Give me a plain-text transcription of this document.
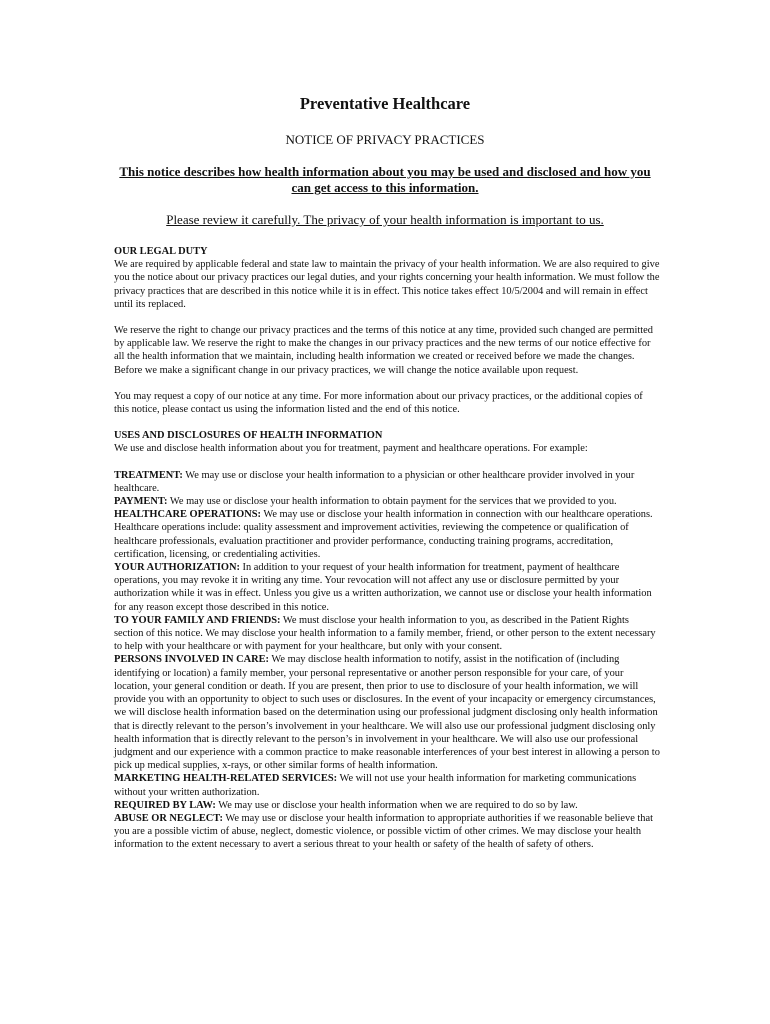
Preventative Healthcare
NOTICE OF PRIVACY PRACTICES
This notice describes how health information about you may be used and disclosed and how you can get access to this information.
Please review it carefully. The privacy of your health information is important to us.

OUR LEGAL DUTY

We are required by applicable federal and state law to maintain the privacy of your health information. We are also required to give you the notice about our privacy practices our legal duties, and your rights concerning your health information. We must follow the privacy practices that are described in this notice while it is in effect. This notice takes effect 10/5/2004 and will remain in effect until its replaced.

We reserve the right to change our privacy practices and the terms of this notice at any time, provided such changed are permitted by applicable law. We reserve the right to make the changes in our privacy practices and the new terms of our notice effective for all the health information that we maintain, including health information we created or received before we made the changes. Before we make a significant change in our privacy practices, we will change the notice available upon request.

You may request a copy of our notice at any time. For more information about our privacy practices, or the additional copies of this notice, please contact us using the information listed and the end of this notice.

USES AND DISCLOSURES OF HEALTH INFORMATION

We use and disclose health information about you for treatment, payment and healthcare operations. For example:

TREATMENT: We may use or disclose your health information to a physician or other healthcare provider involved in your healthcare.

PAYMENT: We may use or disclose your health information to obtain payment for the services that we provided to you.

HEALTHCARE OPERATIONS: We may use or disclose your health information in connection with our healthcare operations. Healthcare operations include: quality assessment and improvement activities, reviewing the competence or qualification of healthcare professionals, evaluation practitioner and provider performance, conducting training programs, accreditation, certification, licensing, or credentialing activities.

YOUR AUTHORIZATION: In addition to your request of your health information for treatment, payment of healthcare operations, you may revoke it in writing any time. Your revocation will not affect any use or disclosure permitted by your authorization while it was in effect. Unless you give us a written authorization, we cannot use or disclose your health information for any reason except those described in this notice.

TO YOUR FAMILY AND FRIENDS: We must disclose your health information to you, as described in the Patient Rights section of this notice. We may disclose your health information to a family member, friend, or other person to the extent necessary to help with your healthcare or with payment for your healthcare, but only with your consent.

PERSONS INVOLVED IN CARE: We may disclose health information to notify, assist in the notification of (including identifying or location) a family member, your personal representative or another person responsible for your care, of your location, your general condition or death. If you are present, then prior to use to disclosure of your health information, we will provide you with an opportunity to object to such uses or disclosures. In the event of your incapacity or emergency circumstances, we will disclose health information based on the determination using our professional judgment disclosing only health information that is directly relevant to the person’s involvement in your healthcare. We will also use our professional judgment disclosing only health information that is directly relevant to the person’s in involvement in your healthcare. We will also use our professional judgment and our experience with a common practice to make reasonable interferences of your best interest in allowing a person to pick up medical supplies, x-rays, or other similar forms of health information.

MARKETING HEALTH-RELATED SERVICES: We will not use your health information for marketing communications without your written authorization.

REQUIRED BY LAW: We may use or disclose your health information when we are required to do so by law.

ABUSE OR NEGLECT: We may use or disclose your health information to appropriate authorities if we reasonable believe that you are a possible victim of abuse, neglect, domestic violence, or possible victim of other crimes. We may disclose your health information to the extent necessary to avert a serious threat to your health or safety of the health of safety of others.
